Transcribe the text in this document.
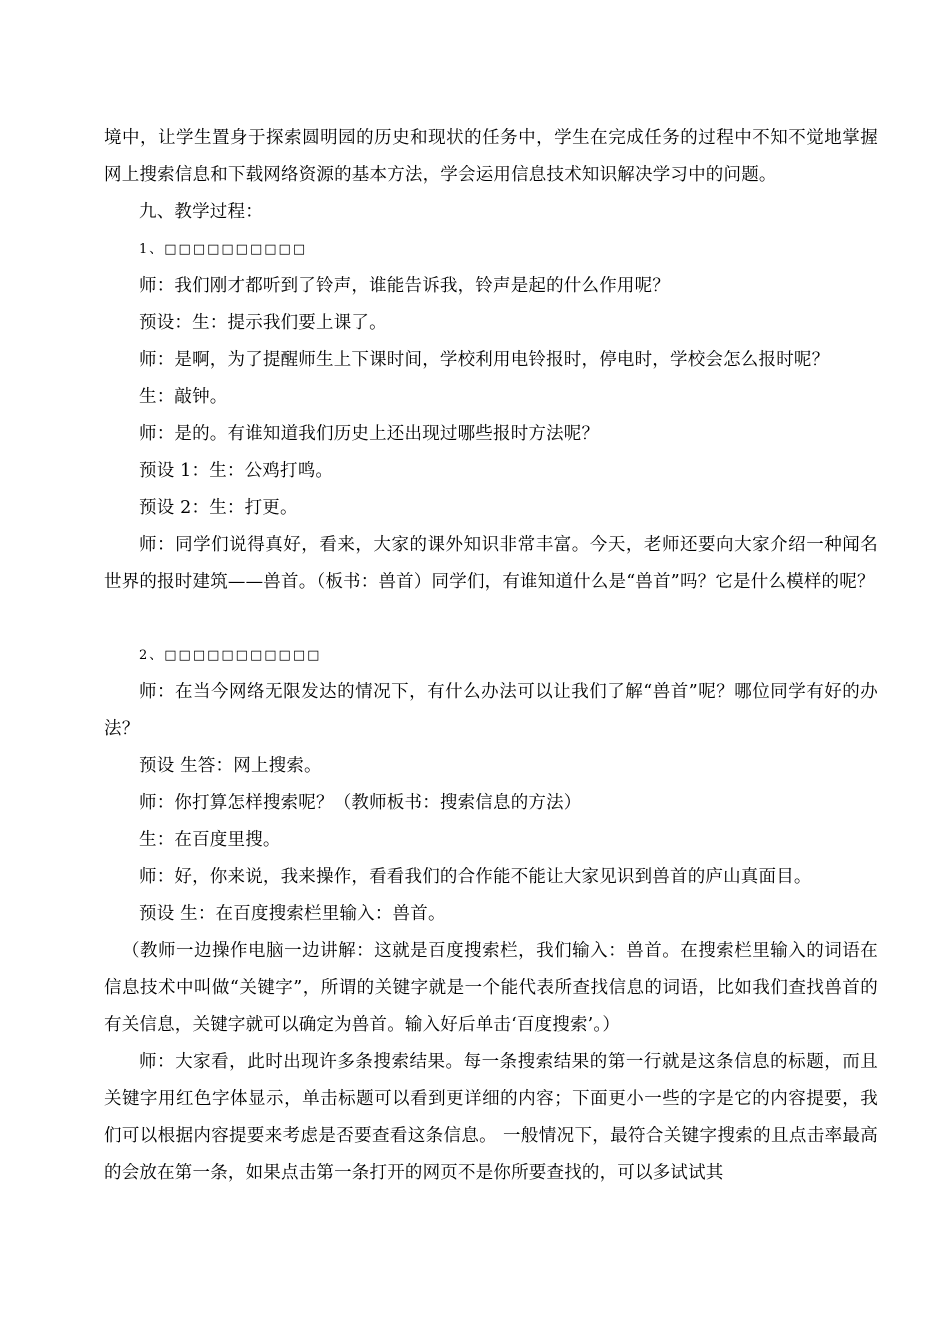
境中，让学生置身于探索圆明园的历史和现状的任务中，学生在完成任务的过程中不知不觉地掌握网上搜索信息和下载网络资源的基本方法，学会运用信息技术知识解决学习中的问题。

九、教学过程：

1、□□□□□□□□□□

师：我们刚才都听到了铃声，谁能告诉我，铃声是起的什么作用呢？

预设：生：提示我们要上课了。

师：是啊，为了提醒师生上下课时间，学校利用电铃报时，停电时，学校会怎么报时呢？

生：敲钟。

师：是的。有谁知道我们历史上还出现过哪些报时方法呢？

预设 1：生：公鸡打鸣。

预设 2：生：打更。

师：同学们说得真好，看来，大家的课外知识非常丰富。今天，老师还要向大家介绍一种闻名世界的报时建筑——兽首。（板书：兽首）同学们，有谁知道什么是“兽首”吗？它是什么模样的呢？

2、□□□□□□□□□□□

师：在当今网络无限发达的情况下，有什么办法可以让我们了解“兽首”呢？哪位同学有好的办法？

预设 生答：网上搜索。

师：你打算怎样搜索呢？（教师板书：搜索信息的方法）

生：在百度里搜。

师：好，你来说，我来操作，看看我们的合作能不能让大家见识到兽首的庐山真面目。

预设 生：在百度搜索栏里输入：兽首。

（教师一边操作电脑一边讲解：这就是百度搜索栏，我们输入：兽首。在搜索栏里输入的词语在信息技术中叫做“关键字”，所谓的关键字就是一个能代表所查找信息的词语，比如我们查找兽首的有关信息，关键字就可以确定为兽首。输入好后单击‘百度搜索’。）

师：大家看，此时出现许多条搜索结果。每一条搜索结果的第一行就是这条信息的标题，而且关键字用红色字体显示，单击标题可以看到更详细的内容；下面更小一些的字是它的内容提要，我们可以根据内容提要来考虑是否要查看这条信息。 一般情况下，最符合关键字搜索的且点击率最高的会放在第一条，如果点击第一条打开的网页不是你所要查找的，可以多试试其
